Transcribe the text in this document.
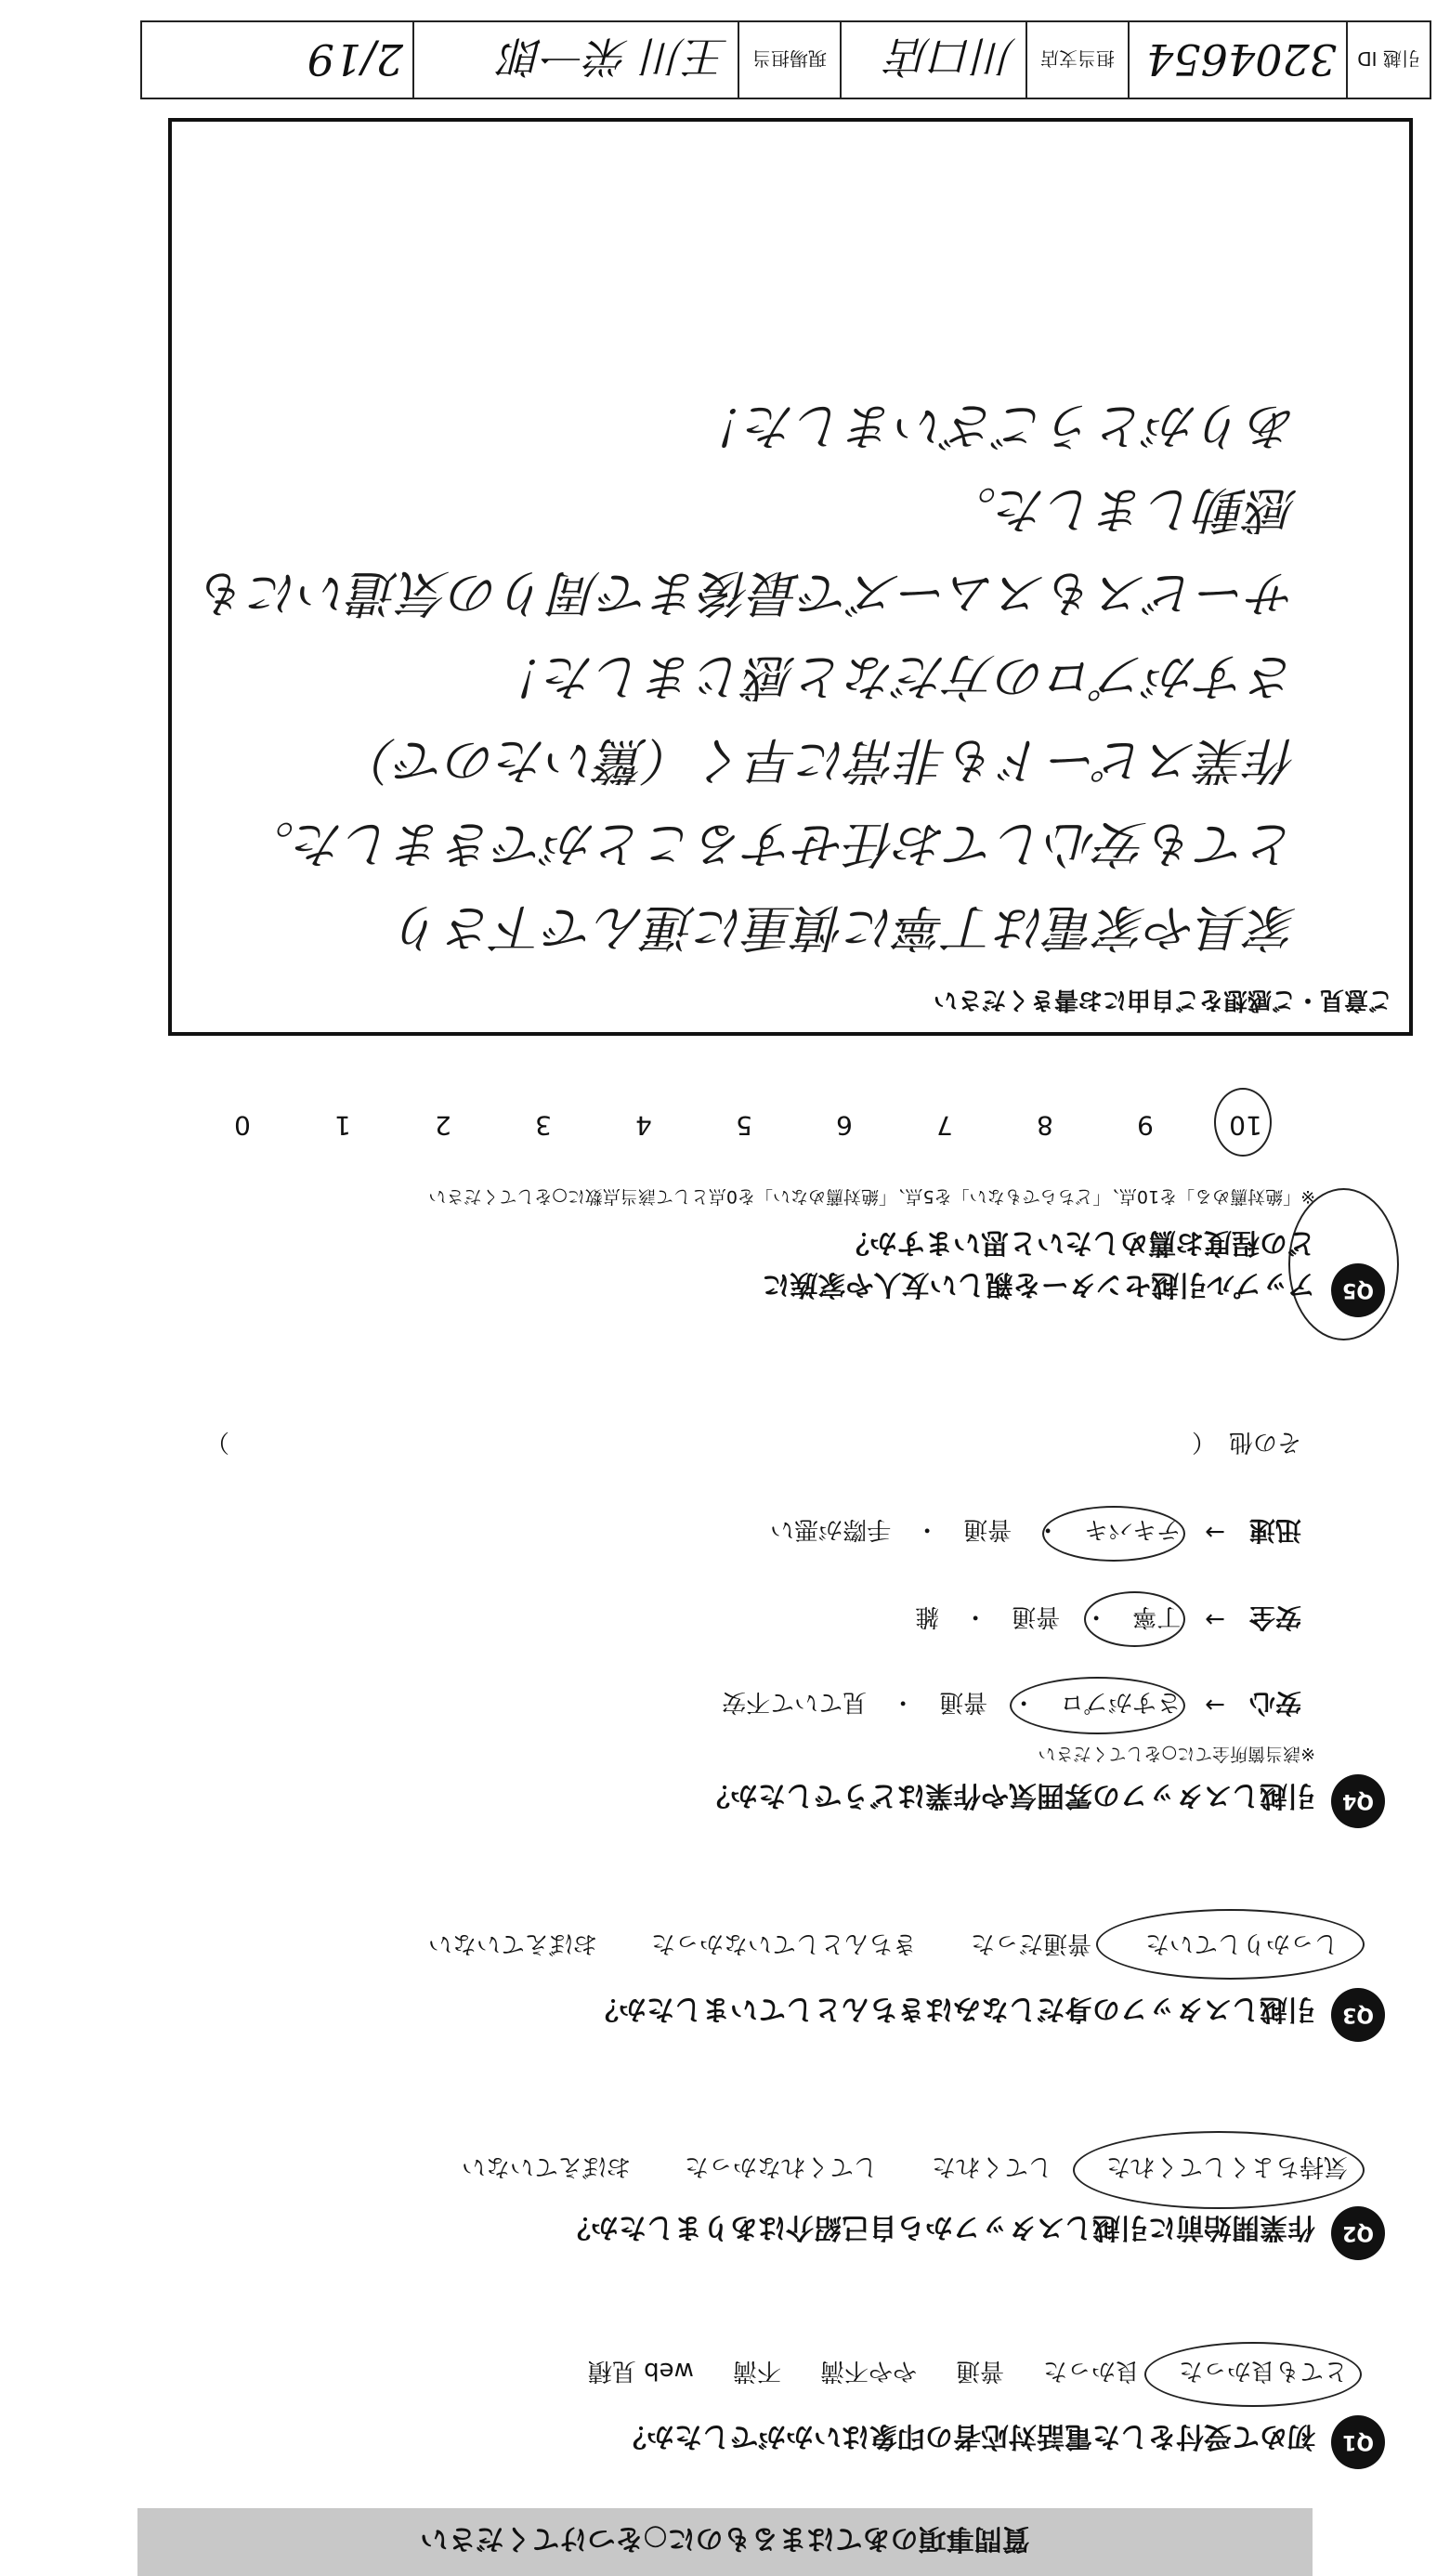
質問事項のあてはまるものに○をつけてください
Q1
初めて受付をした電話対応者の印象はいかがでしたか？
とても良かった
良かった
普通
やや不満
不満
web 見積
Q2
作業開始前に引越しスタッフから自己紹介はありましたか？
気持ちよくしてくれた
してくれた
してくれなかった
おぼえていない
Q3
引越しスタッフの身だしなみはきちんとしていましたか？
しっかりしていた
普通だった
きちんとしていなかった
おぼえていない
Q4
引越しスタッフの雰囲気や作業はどうでしたか？
※該当箇所全てに○をしてください
安心
→
さすがプロ
・
普通
・
見ていて不安
安全
→
丁寧
・
普通
・
雑
迅速
→
テキパキ
・
普通
・
手際が悪い
その他
（
）
Q5
アップル引越センターを親しい友人や家族に
どの程度お薦めしたいと思いますか？
※「絶対薦める」を10点、「どちらでもない」を5点、「絶対薦めない」を0点として該当点数に○をしてください
10
9
8
7
6
5
4
3
2
1
0
ご意見・ご感想をご自由にお書きください
家具や家電は丁寧に慎重に運んで下さり
とても安心してお任せすることができました。
作業スピードも非常に早く（驚いたので）
さすがプロの方だなと感じました！
サービスもスムーズで最後まで周りの気遣いにも
感動しました。
ありがとうございました！
引越 ID
3204654
担当支店
川口店
現場担当
王川 栄一郎
2/19
